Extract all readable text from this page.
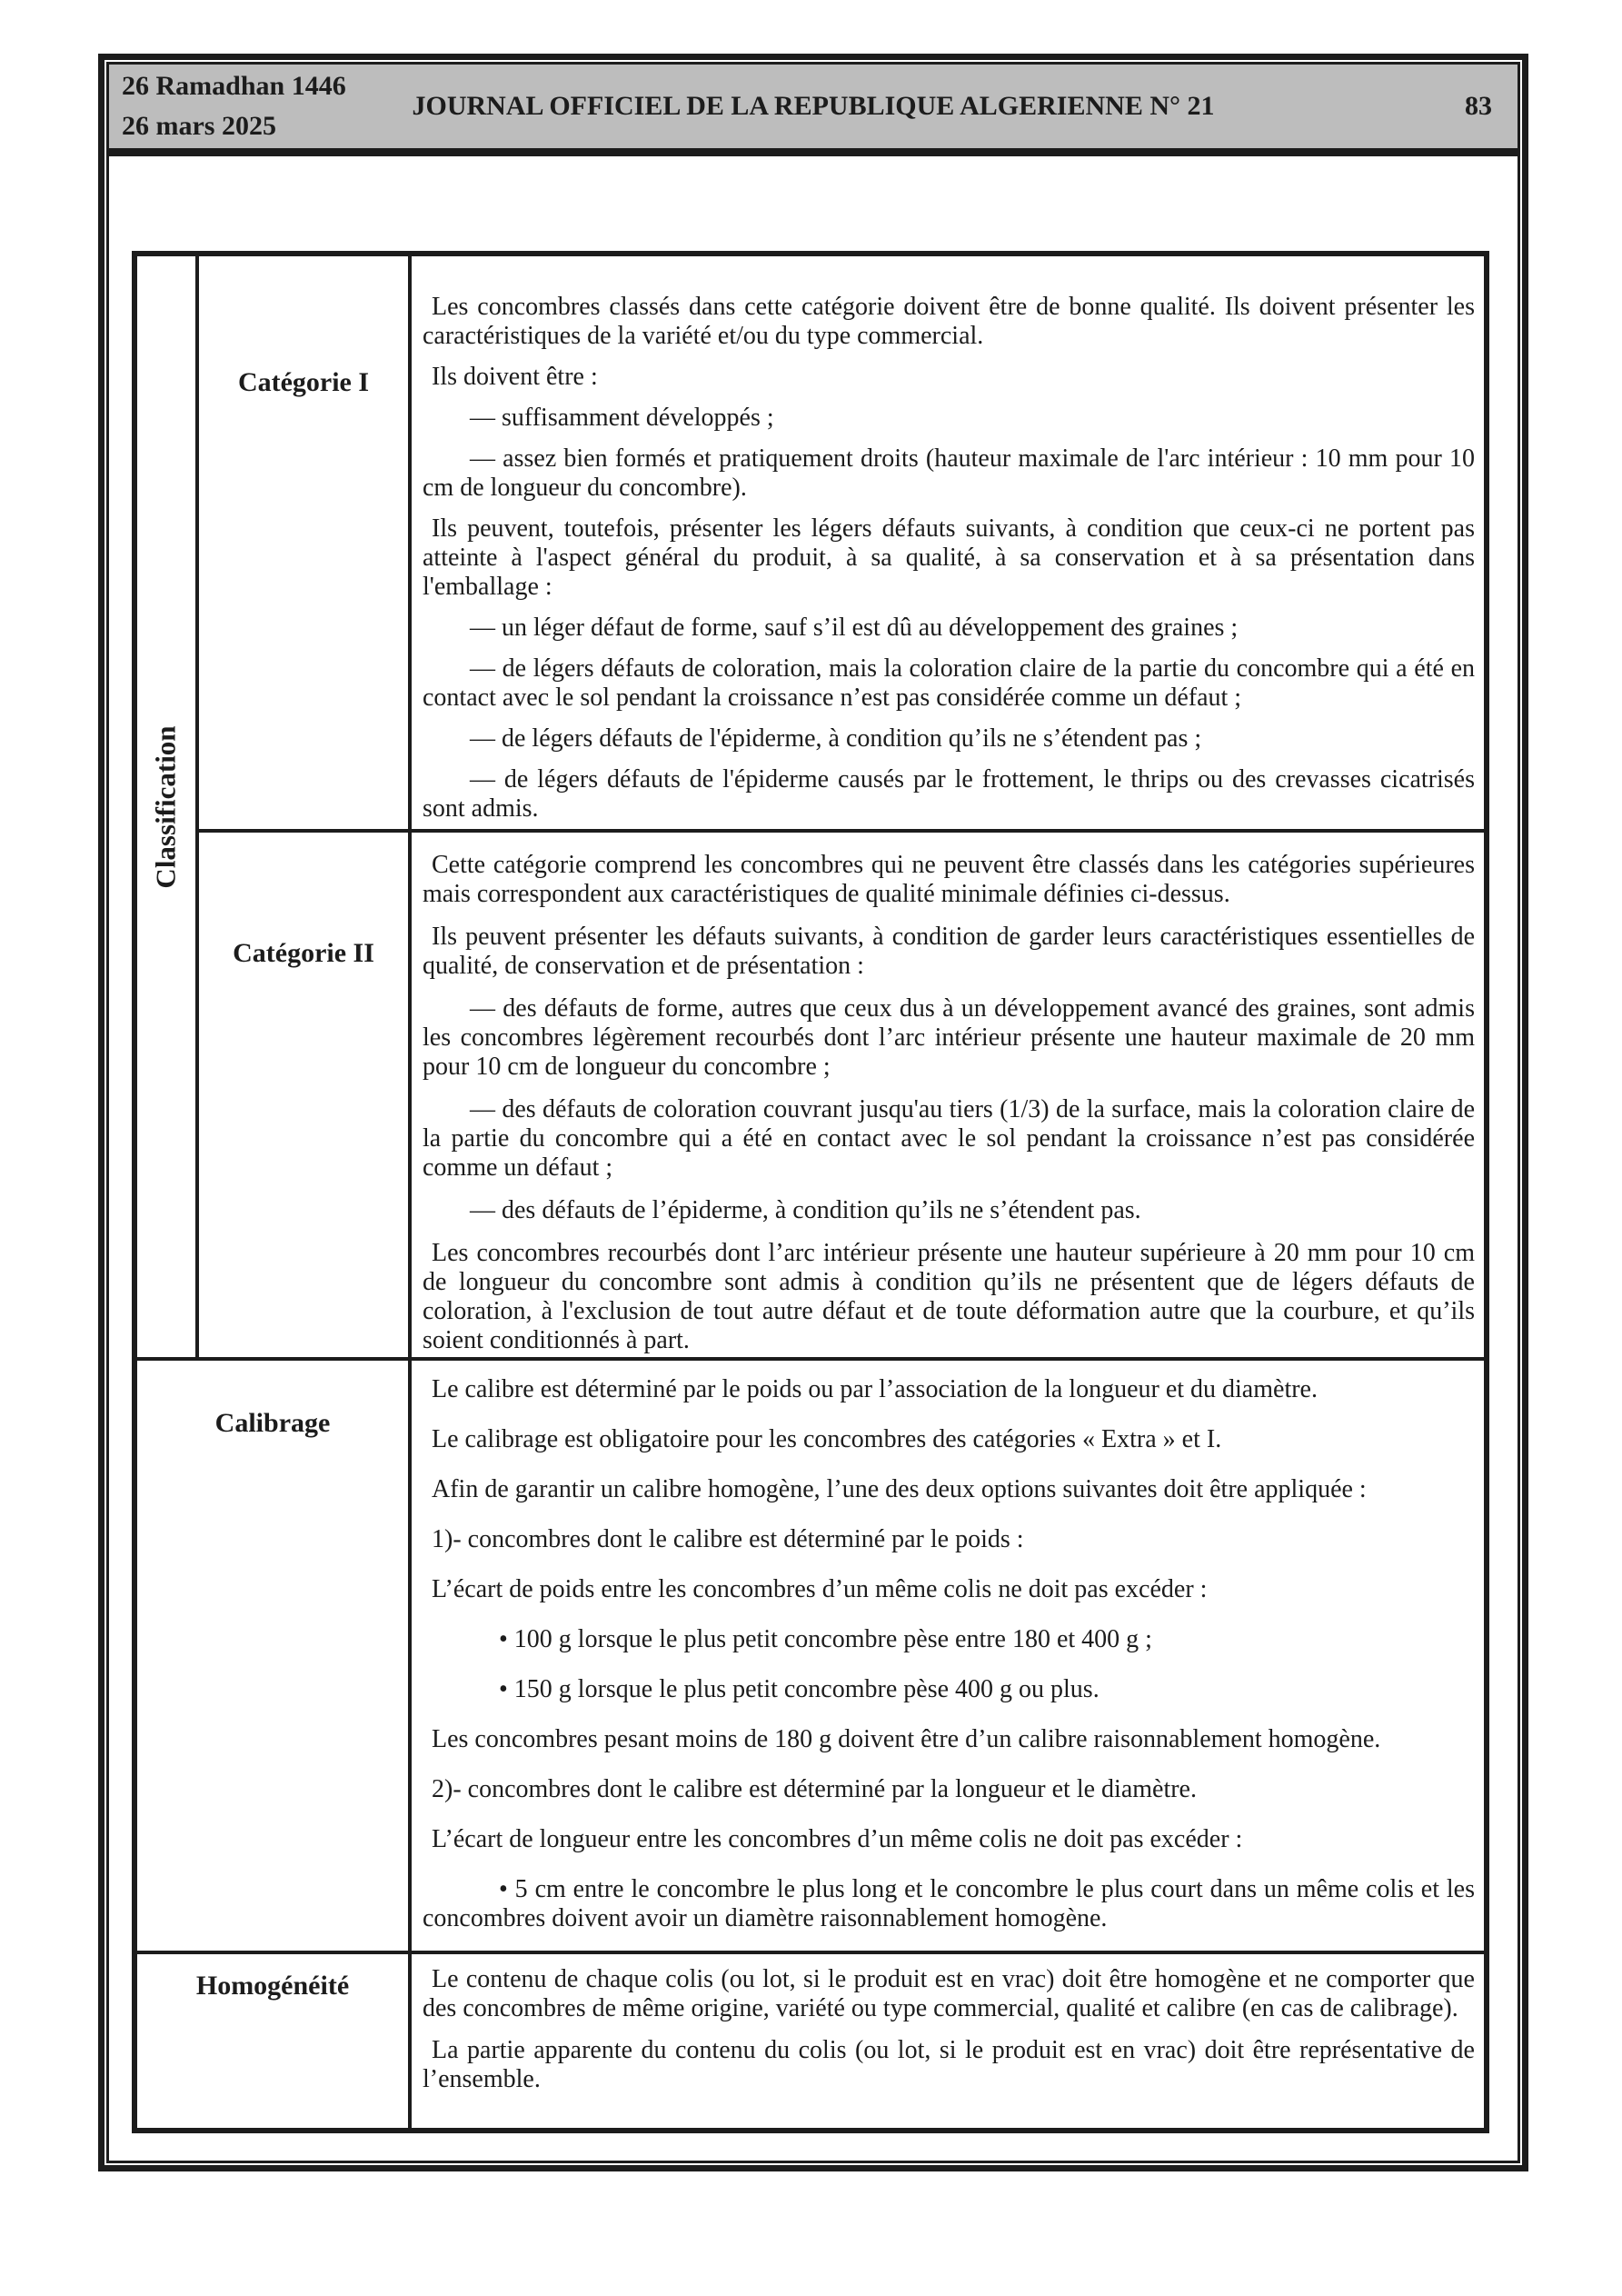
26 Ramadhan 1446
26 mars 2025
JOURNAL OFFICIEL DE LA REPUBLIQUE ALGERIENNE N° 21	83
Classification
Catégorie I

Les concombres classés dans cette catégorie doivent être de bonne qualité. Ils doivent présenter les caractéristiques de la variété et/ou du type commercial.

Ils doivent être :

— suffisamment développés ;

— assez bien formés et pratiquement droits (hauteur maximale de l'arc intérieur : 10 mm pour 10 cm de longueur du concombre).

Ils peuvent, toutefois, présenter les légers défauts suivants, à condition que ceux-ci ne portent pas atteinte à l'aspect général du produit, à sa qualité, à sa conservation et à sa présentation dans l'emballage :

— un léger défaut de forme, sauf s’il est dû au développement des graines ;

— de légers défauts de coloration, mais la coloration claire de la partie du concombre qui a été en contact avec le sol pendant la croissance n’est pas considérée comme un défaut ;

— de légers défauts de l'épiderme, à condition qu’ils ne s’étendent pas ;

— de légers défauts de l'épiderme causés par le frottement, le thrips ou des crevasses cicatrisés sont admis.

Catégorie II

Cette catégorie comprend les concombres qui ne peuvent être classés dans les catégories supérieures mais correspondent aux caractéristiques de qualité minimale définies ci-dessus.

Ils peuvent présenter les défauts suivants, à condition de garder leurs caractéristiques essentielles de qualité, de conservation et de présentation :

— des défauts de forme, autres que ceux dus à un développement avancé des graines, sont admis les concombres légèrement recourbés dont l’arc intérieur présente une hauteur maximale de 20 mm pour 10 cm de longueur du concombre ;

— des défauts de coloration couvrant jusqu'au tiers (1/3) de la surface, mais la coloration claire de la partie du concombre qui a été en contact avec le sol pendant la croissance n’est pas considérée comme un défaut ;

— des défauts de l’épiderme, à condition qu’ils ne s’étendent pas.

Les concombres recourbés dont l’arc intérieur présente une hauteur supérieure à 20 mm pour 10 cm de longueur du concombre sont admis à condition qu’ils ne présentent que de légers défauts de coloration, à l'exclusion de tout autre défaut et de toute déformation autre que la courbure, et qu’ils soient conditionnés à part.

Calibrage

Le calibre est déterminé par le poids ou par l’association de la longueur et du diamètre.

Le calibrage est obligatoire pour les concombres des catégories « Extra » et I.

Afin de garantir un calibre homogène, l’une des deux options suivantes doit être appliquée :

1)- concombres dont le calibre est déterminé par le poids :

L’écart de poids entre les concombres d’un même colis ne doit pas excéder :

• 100 g lorsque le plus petit concombre pèse entre 180 et 400 g ;

• 150 g lorsque le plus petit concombre pèse 400 g ou plus.

Les concombres pesant moins de 180 g doivent être d’un calibre raisonnablement homogène.

2)- concombres dont le calibre est déterminé par la longueur et le diamètre.

L’écart de longueur entre les concombres d’un même colis ne doit pas excéder :

• 5 cm entre le concombre le plus long et le concombre le plus court dans un même colis et les concombres doivent avoir un diamètre raisonnablement homogène.

Homogénéité	Le contenu de chaque colis (ou lot, si le produit est en vrac) doit être homogène et ne comporter que des concombres de même origine, variété ou type commercial, qualité et calibre (en cas de calibrage).

La partie apparente du contenu du colis (ou lot, si le produit est en vrac) doit être représentative de l’ensemble.
